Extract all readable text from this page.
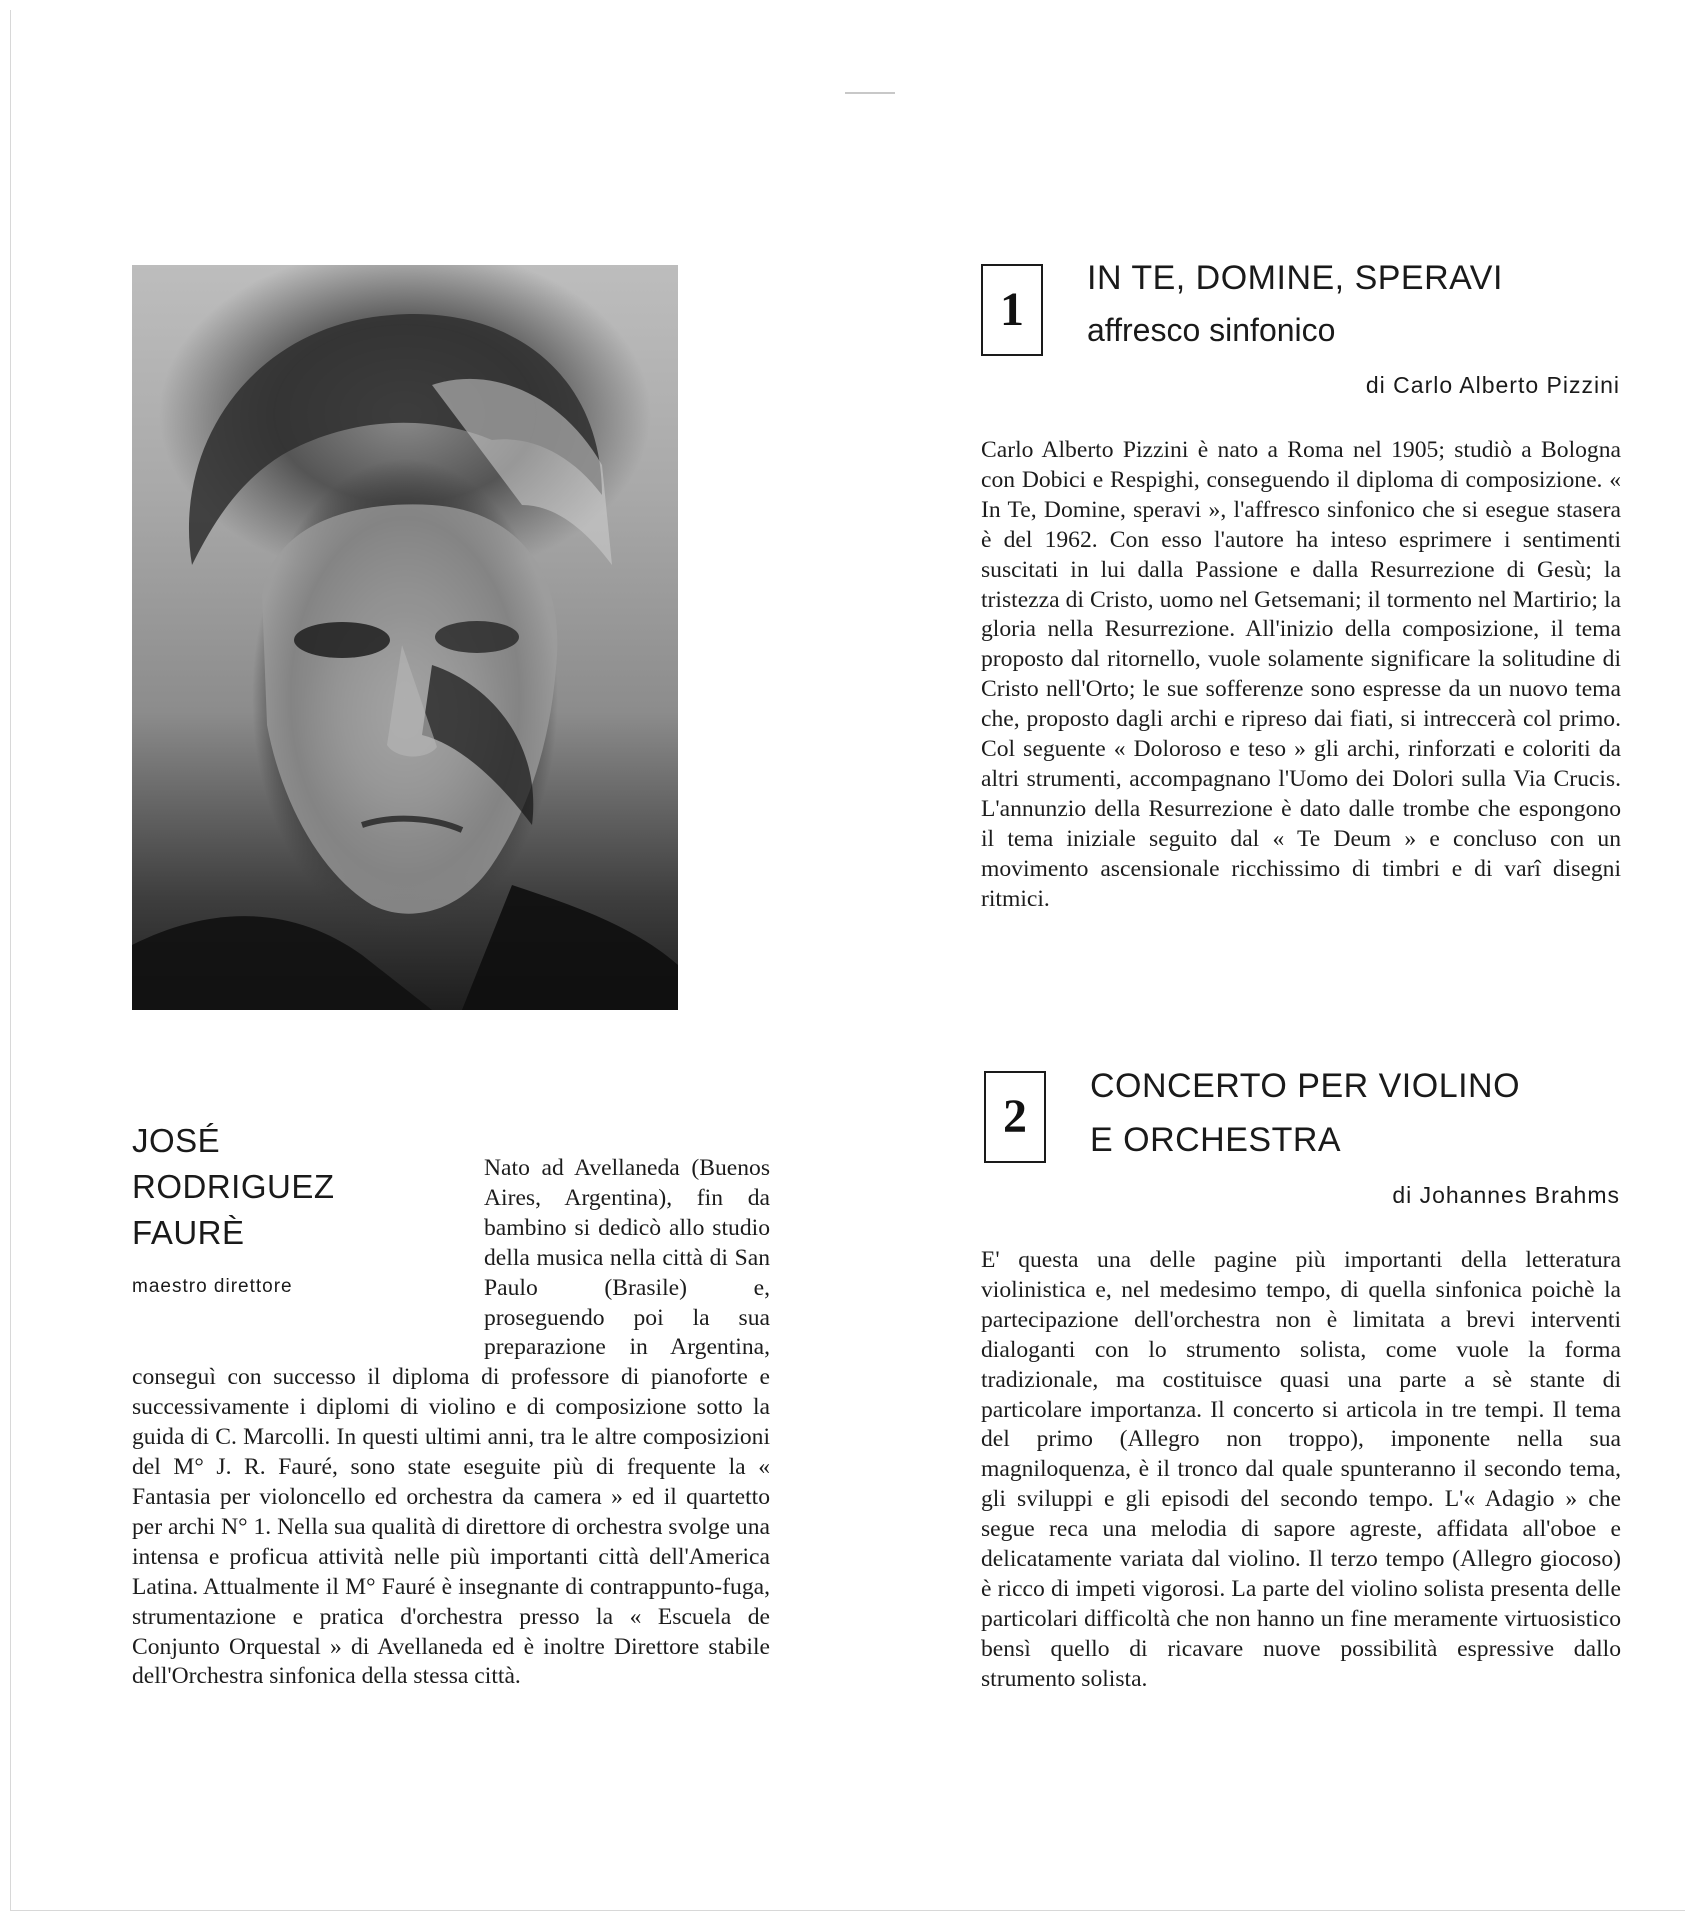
JOSÉ
RODRIGUEZ
FAURÈ
maestro direttore
Nato ad Avellaneda (Buenos Aires, Argentina), fin da bambino si dedicò allo studio della musica nella città di San Paulo (Brasile) e, proseguendo poi la sua preparazione in Argentina, conseguì con successo il diploma di professore di pianoforte e successivamente i diplomi di violino e di composizione sotto la guida di C. Marcolli. In questi ultimi anni, tra le altre composizioni del M° J. R. Fauré, sono state eseguite più di frequente la « Fantasia per violoncello ed orchestra da camera » ed il quartetto per archi N° 1. Nella sua qualità di direttore di orchestra svolge una intensa e proficua attività nelle più importanti città dell'America Latina. Attualmente il M° Fauré è insegnante di contrappunto-fuga, strumentazione e pratica d'orchestra presso la « Escuela de Conjunto Orquestal » di Avellaneda ed è inoltre Direttore stabile dell'Orchestra sinfonica della stessa città.
1
IN TE, DOMINE, SPERAVI
affresco sinfonico
di Carlo Alberto Pizzini
Carlo Alberto Pizzini è nato a Roma nel 1905; studiò a Bologna con Dobici e Respighi, conseguendo il diploma di composizione. « In Te, Domine, speravi », l'affresco sinfonico che si esegue stasera è del 1962. Con esso l'autore ha inteso esprimere i sentimenti suscitati in lui dalla Passione e dalla Resurrezione di Gesù; la tristezza di Cristo, uomo nel Getsemani; il tormento nel Martirio; la gloria nella Resurrezione. All'inizio della composizione, il tema proposto dal ritornello, vuole solamente significare la solitudine di Cristo nell'Orto; le sue sofferenze sono espresse da un nuovo tema che, proposto dagli archi e ripreso dai fiati, si intreccerà col primo. Col seguente « Doloroso e teso » gli archi, rinforzati e coloriti da altri strumenti, accompagnano l'Uomo dei Dolori sulla Via Crucis. L'annunzio della Resurrezione è dato dalle trombe che espongono il tema iniziale seguito dal « Te Deum » e concluso con un movimento ascensionale ricchissimo di timbri e di varî disegni ritmici.
2
CONCERTO PER VIOLINO
E ORCHESTRA
di Johannes Brahms
E' questa una delle pagine più importanti della letteratura violinistica e, nel medesimo tempo, di quella sinfonica poichè la partecipazione dell'orchestra non è limitata a brevi interventi dialoganti con lo strumento solista, come vuole la forma tradizionale, ma costituisce quasi una parte a sè stante di particolare importanza. Il concerto si articola in tre tempi. Il tema del primo (Allegro non troppo), imponente nella sua magniloquenza, è il tronco dal quale spunteranno il secondo tema, gli sviluppi e gli episodi del secondo tempo. L'« Adagio » che segue reca una melodia di sapore agreste, affidata all'oboe e delicatamente variata dal violino. Il terzo tempo (Allegro giocoso) è ricco di impeti vigorosi. La parte del violino solista presenta delle particolari difficoltà che non hanno un fine meramente virtuosistico bensì quello di ricavare nuove possibilità espressive dallo strumento solista.
